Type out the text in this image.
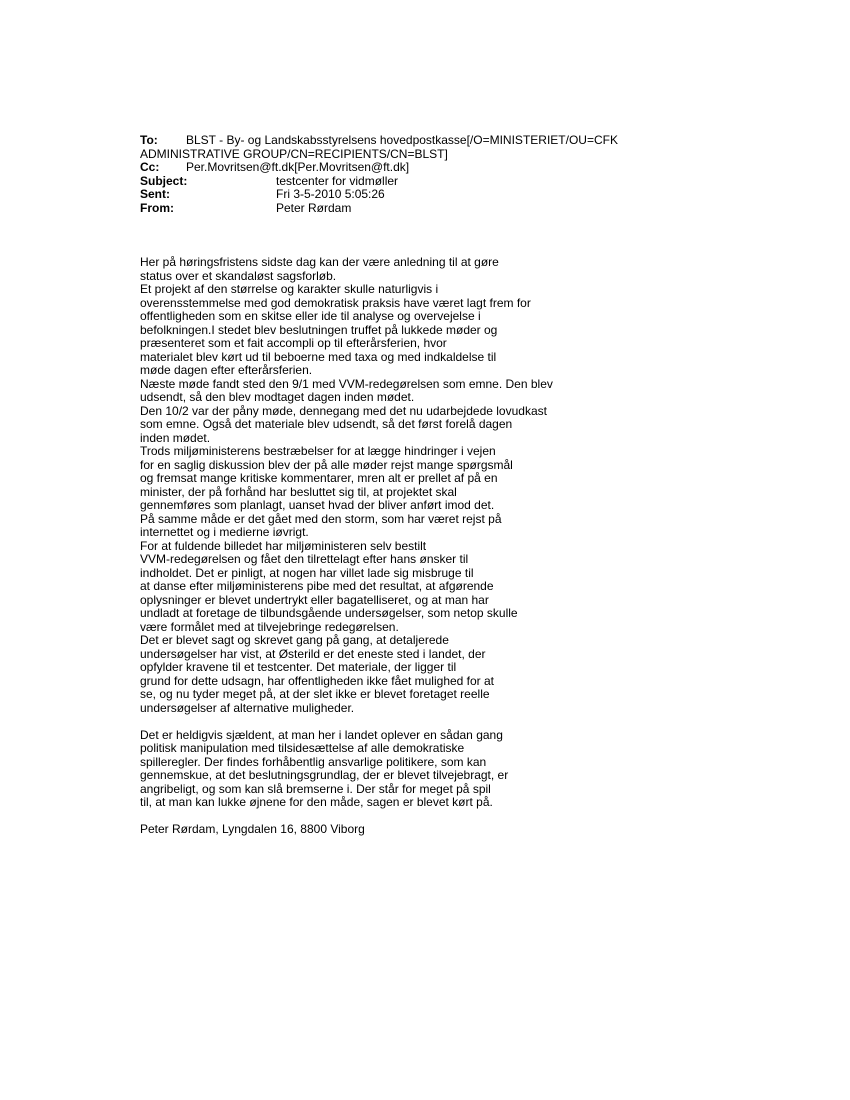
To: BLST - By- og Landskabsstyrelsens hovedpostkasse[/O=MINISTERIET/OU=CFK
ADMINISTRATIVE GROUP/CN=RECIPIENTS/CN=BLST]
Cc: Per.Movritsen@ft.dk[Per.Movritsen@ft.dk]
Subject:	testcenter for vidmøller
Sent:	Fri 3-5-2010 5:05:26
From:	Peter Rørdam
Her på høringsfristens sidste dag kan der være anledning til at gøre
status over et skandaløst sagsforløb.
Et projekt af den størrelse og karakter skulle naturligvis i
overensstemmelse med god demokratisk praksis have været lagt frem for
offentligheden som en skitse eller ide til analyse og overvejelse i
befolkningen.I stedet blev beslutningen truffet på lukkede møder og
præsenteret som et fait accompli op til efterårsferien, hvor
materialet blev kørt ud til beboerne med taxa og med indkaldelse til
møde dagen efter efterårsferien.
Næste møde fandt sted den 9/1 med VVM-redegørelsen som emne. Den blev
udsendt, så den blev modtaget dagen inden mødet.
Den 10/2 var der påny møde, dennegang med det nu udarbejdede lovudkast
som emne. Også det materiale blev udsendt, så det først forelå dagen
inden mødet.
Trods miljøministerens bestræbelser for at lægge hindringer i vejen
for en saglig diskussion blev der på alle møder rejst mange spørgsmål
og fremsat mange kritiske kommentarer, mren alt er prellet af på en
minister, der på forhånd har besluttet sig til, at projektet skal
gennemføres som planlagt, uanset hvad der bliver anført imod det.
På samme måde er det gået med den storm, som har været rejst på
internettet og i medierne iøvrigt.
For at fuldende billedet har miljøministeren selv bestilt
VVM-redegørelsen og fået den tilrettelagt efter hans ønsker til
indholdet. Det er pinligt, at nogen har villet lade sig misbruge til
at danse efter miljøministerens pibe med det resultat, at afgørende
oplysninger er blevet undertrykt eller bagatelliseret, og at man har
undladt at foretage de tilbundsgående undersøgelser, som netop skulle
være formålet med at tilvejebringe redegørelsen.
Det er blevet sagt og skrevet gang på gang, at detaljerede
undersøgelser har vist, at Østerild er det eneste sted i landet, der
opfylder kravene til et testcenter. Det materiale, der ligger til
grund for dette udsagn, har offentligheden ikke fået mulighed for at
se, og nu tyder meget på, at der slet ikke er blevet foretaget reelle
undersøgelser af alternative muligheder.
Det er heldigvis sjældent, at man her i landet oplever en sådan gang
politisk manipulation med tilsidesættelse af alle demokratiske
spilleregler. Der findes forhåbentlig ansvarlige politikere, som kan
gennemskue, at det beslutningsgrundlag, der er blevet tilvejebragt, er
angribeligt, og som kan slå bremserne i. Der står for meget på spil
til, at man kan lukke øjnene for den måde, sagen er blevet kørt på.
Peter Rørdam, Lyngdalen 16, 8800 Viborg
